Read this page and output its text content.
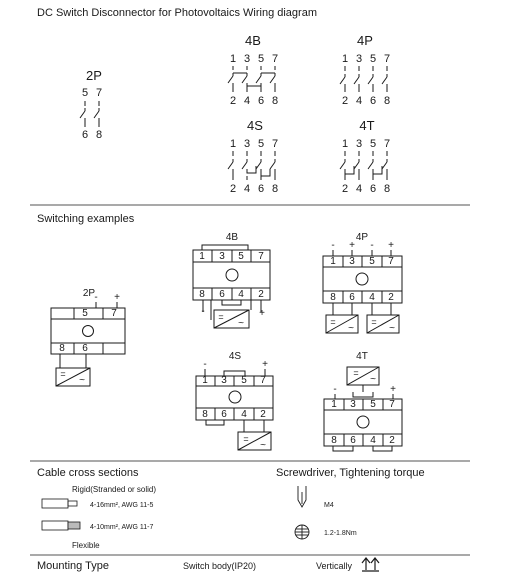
DC Switch Disconnector for Photovoltaics Wiring diagram
2P
5 7
6 8
4B
1 3 5 7
2 4 6 8
4P
1 3 5 7
2 4 6 8
4S
1 3 5 7
2 4 6 8
4T
1 3 5 7
2 4 6 8
Switching examples
2P - +
5 7
8 6
=
~
4B
1 3 5 7
8 6 4 2
-	+
=
~
4P
- + - +
1 3 5 7
8 6 4 2
=
~
=
~
4S
-	+
1 3 5 7
8 6 4 2
=
~
4T
-	+
=
~
1 3 5 7
8 6 4 2
Cable cross sections
Rigid(Stranded or solid)
4-16mm², AWG 11-5
4-10mm², AWG 11-7
Flexible
Screwdriver, Tightening torque
M4
1.2-1.8Nm
Mounting Type	Switch body(IP20)	Vertically
